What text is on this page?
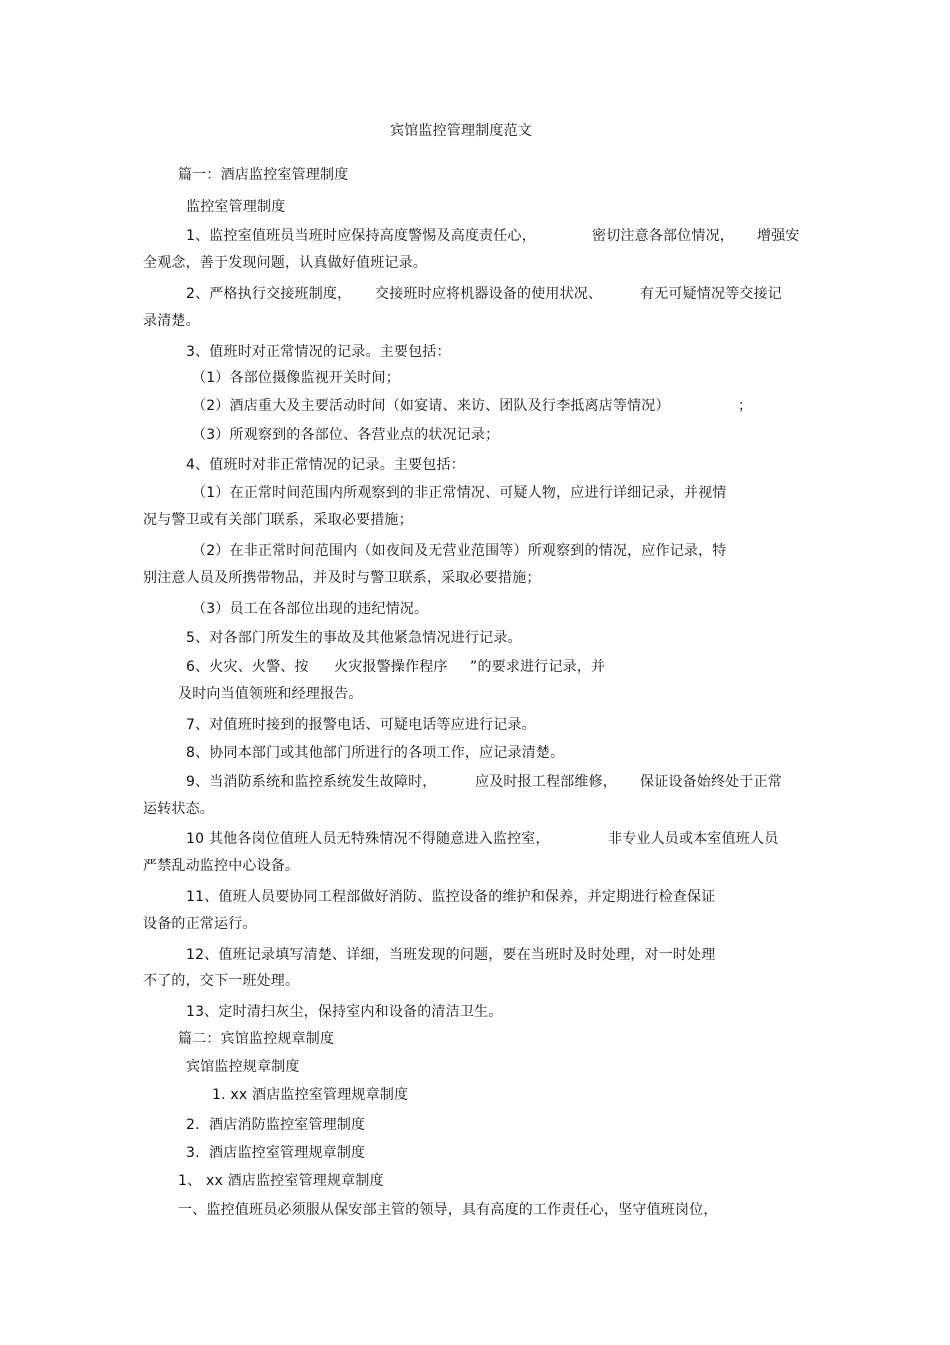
宾馆监控管理制度范文
篇一：酒店监控室管理制度
监控室管理制度
1、监控室值班员当班时应保持高度警惕及高度责任心，	密切注意各部位情况， 增强安
全观念，善于发现问题，认真做好值班记录。
2、严格执行交接班制度， 交接班时应将机器设备的使用状况、	有无可疑情况等交接记
录清楚。
3、值班时对正常情况的记录。主要包括：
（1）各部位摄像监视开关时间；
（2）酒店重大及主要活动时间（如宴请、来访、团队及行李抵离店等情况）	；
（3）所观察到的各部位、各营业点的状况记录；
4、值班时对非正常情况的记录。主要包括：
（1）在正常时间范围内所观察到的非正常情况、可疑人物，应进行详细记录，并视情
况与警卫或有关部门联系，采取必要措施；
（2）在非正常时间范围内（如夜间及无营业范围等）所观察到的情况，应作记录，特
别注意人员及所携带物品，并及时与警卫联系，采取必要措施；
（3）员工在各部位出现的违纪情况。
5、对各部门所发生的事故及其他紧急情况进行记录。
6、火灾、火警、按 火灾报警操作程序 ”的要求进行记录，并
及时向当值领班和经理报告。
7、对值班时接到的报警电话、可疑电话等应进行记录。
8、协同本部门或其他部门所进行的各项工作，应记录清楚。
9、当消防系统和监控系统发生故障时，	应及时报工程部维修， 保证设备始终处于正常
运转状态。
10 其他各岗位值班人员无特殊情况不得随意进入监控室，	非专业人员或本室值班人员
严禁乱动监控中心设备。
11、值班人员要协同工程部做好消防、监控设备的维护和保养，并定期进行检查保证
设备的正常运行。
12、值班记录填写清楚、详细，当班发现的问题，要在当班时及时处理，对一时处理
不了的，交下一班处理。
13、定时清扫灰尘，保持室内和设备的清洁卫生。
篇二：宾馆监控规章制度
宾馆监控规章制度
1. xx 酒店监控室管理规章制度
2.  酒店消防监控室管理制度
3.  酒店监控室管理规章制度
1、 xx 酒店监控室管理规章制度
一、监控值班员必须服从保安部主管的领导，具有高度的工作责任心，坚守值班岗位，
